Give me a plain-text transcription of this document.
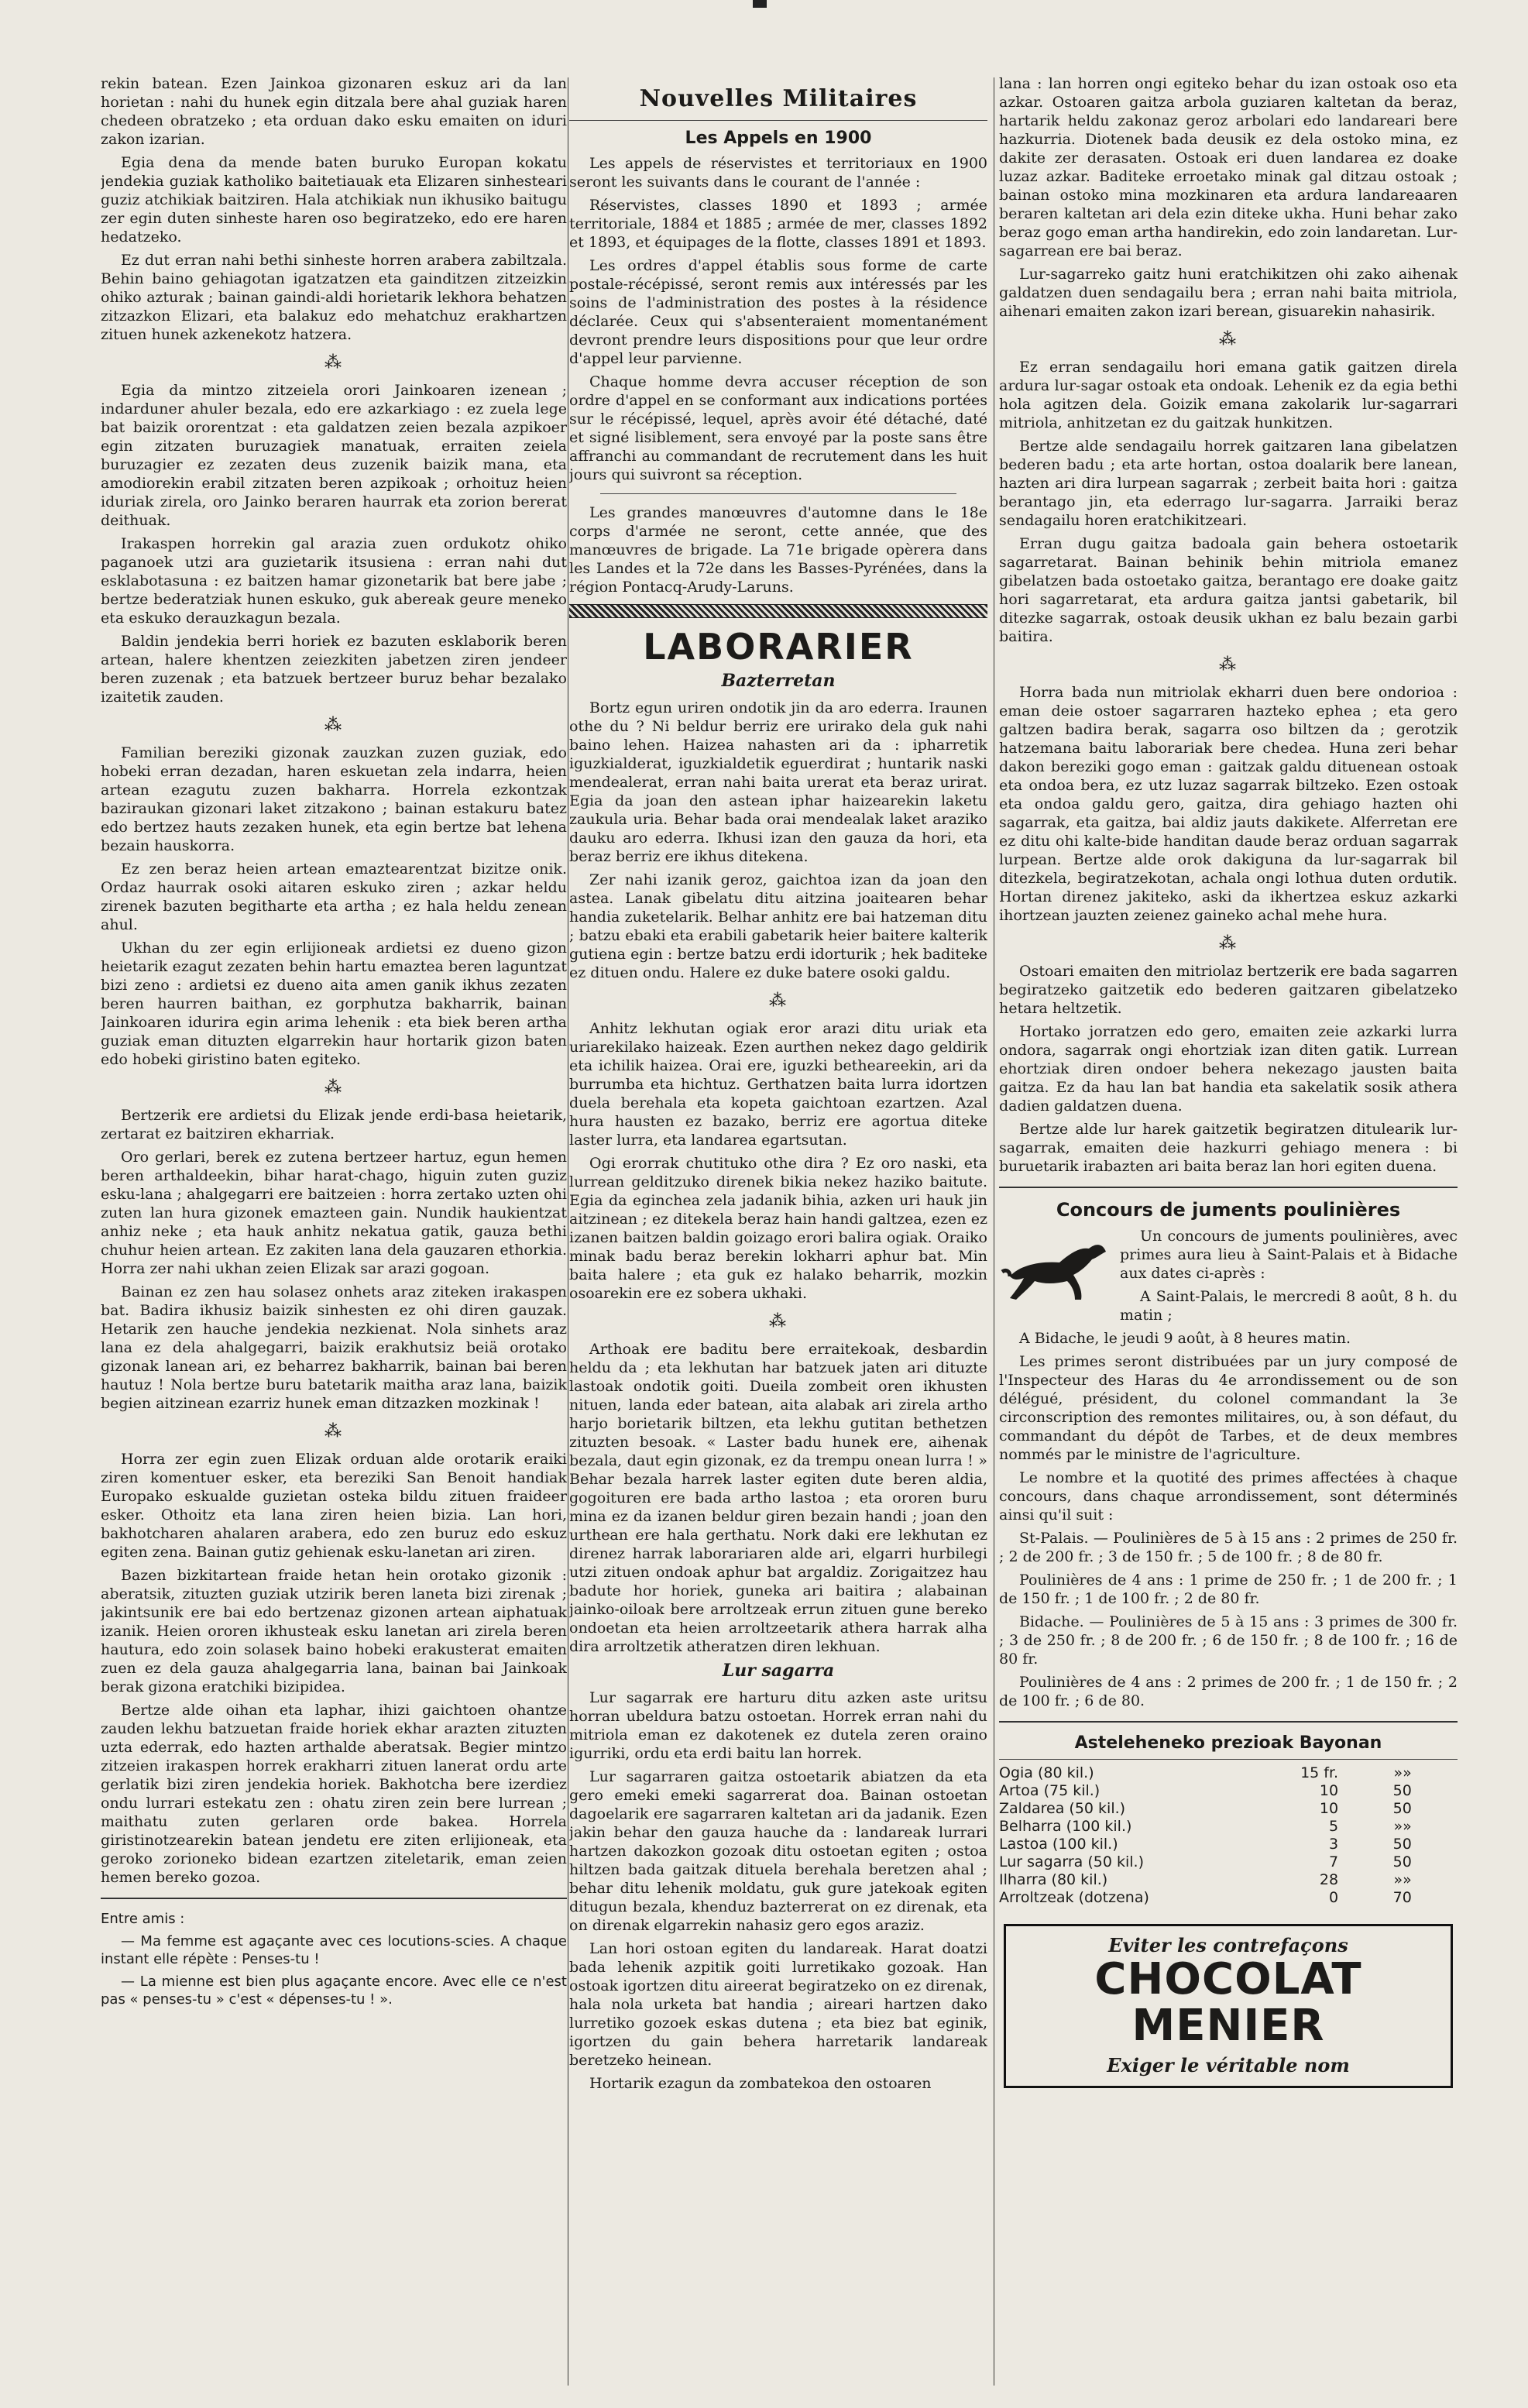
rekin batean. Ezen Jainkoa gizonaren eskuz ari da lan horietan : nahi du hunek egin ditzala bere ahal guziak haren chedeen obratzeko ; eta orduan dako esku emaiten on iduri zakon izarian.

Egia dena da mende baten buruko Europan kokatu jendekia guziak katholiko baitetiauak eta Elizaren sinhesteari guziz atchikiak baitziren. Hala atchikiak nun ikhusiko baitugu zer egin duten sinheste haren oso begiratzeko, edo ere haren hedatzeko.

Ez dut erran nahi bethi sinheste horren arabera zabiltzala. Behin baino gehiagotan igatzatzen eta gainditzen zitzeizkin ohiko azturak ; bainan gaindi-aldi horietarik lekhora behatzen zitzazkon Elizari, eta balakuz edo mehatchuz erakhartzen zituen hunek azkenekotz hatzera.

⁂

Egia da mintzo zitzeiela orori Jainkoaren izenean ; indarduner ahuler bezala, edo ere azkarkiago : ez zuela lege bat baizik ororentzat : eta galdatzen zeien bezala azpikoer egin zitzaten buruzagiek manatuak, erraiten zeiela buruzagier ez zezaten deus zuzenik baizik mana, eta amodiorekin erabil zitzaten beren azpikoak ; orhoituz heien iduriak zirela, oro Jainko beraren haurrak eta zorion bererat deithuak.

Irakaspen horrekin gal arazia zuen ordukotz ohiko paganoek utzi ara guzietarik itsusiena : erran nahi dut esklabotasuna : ez baitzen hamar gizonetarik bat bere jabe ; bertze bederatziak hunen eskuko, guk abereak geure meneko eta eskuko derauzkagun bezala.

Baldin jendekia berri horiek ez bazuten esklaborik beren artean, halere khentzen zeiezkiten jabetzen ziren jendeer beren zuzenak ; eta batzuek bertzeer buruz behar bezalako izaitetik zauden.

⁂

Familian bereziki gizonak zauzkan zuzen guziak, edo hobeki erran dezadan, haren eskuetan zela indarra, heien artean ezagutu zuzen bakharra. Horrela ezkontzak baziraukan gizonari laket zitzakono ; bainan estakuru batez edo bertzez hauts zezaken hunek, eta egin bertze bat lehena bezain hauskorra.

Ez zen beraz heien artean emaztearentzat bizitze onik. Ordaz haurrak osoki aitaren eskuko ziren ; azkar heldu zirenek bazuten begitharte eta artha ; ez hala heldu zenean ahul.

Ukhan du zer egin erlijioneak ardietsi ez dueno gizon heietarik ezagut zezaten behin hartu emaztea beren laguntzat bizi zeno : ardietsi ez dueno aita amen ganik ikhus zezaten beren haurren baithan, ez gorphutza bakharrik, bainan Jainkoaren idurira egin arima lehenik : eta biek beren artha guziak eman dituzten elgarrekin haur hortarik gizon baten edo hobeki giristino baten egiteko.

⁂

Bertzerik ere ardietsi du Elizak jende erdi-basa heietarik, zertarat ez baitziren ekharriak.

Oro gerlari, berek ez zutena bertzeer hartuz, egun hemen beren arthaldeekin, bihar harat-chago, higuin zuten guziz esku-lana ; ahalgegarri ere baitzeien : horra zertako uzten ohi zuten lan hura gizonek emazteen gain. Nundik haukientzat anhiz neke ; eta hauk anhitz nekatua gatik, gauza bethi chuhur heien artean. Ez zakiten lana dela gauzaren ethorkia. Horra zer nahi ukhan zeien Elizak sar arazi gogoan.

Bainan ez zen hau solasez onhets araz ziteken irakaspen bat. Badira ikhusiz baizik sinhesten ez ohi diren gauzak. Hetarik zen hauche jendekia nezkienat. Nola sinhets araz lana ez dela ahalgegarri, baizik erakhutsiz beiä orotako gizonak lanean ari, ez beharrez bakharrik, bainan bai beren hautuz ! Nola bertze buru batetarik maitha araz lana, baizik begien aitzinean ezarriz hunek eman ditzazken mozkinak !

⁂

Horra zer egin zuen Elizak orduan alde orotarik eraiki ziren komentuer esker, eta bereziki San Benoit handiak Europako eskualde guzietan osteka bildu zituen fraideer esker. Othoitz eta lana ziren heien bizia. Lan hori, bakhotcharen ahalaren arabera, edo zen buruz edo eskuz egiten zena. Bainan gutiz gehienak esku-lanetan ari ziren.

Bazen bizkitartean fraide hetan hein orotako gizonik : aberatsik, zituzten guziak utzirik beren laneta bizi zirenak ; jakintsunik ere bai edo bertzenaz gizonen artean aiphatuak izanik. Heien ororen ikhusteak esku lanetan ari zirela beren hautura, edo zoin solasek baino hobeki erakusterat emaiten zuen ez dela gauza ahalgegarria lana, bainan bai Jainkoak berak gizona eratchiki bizipidea.

Bertze alde oihan eta laphar, ihizi gaichtoen ohantze zauden lekhu batzuetan fraide horiek ekhar arazten zituzten uzta ederrak, edo hazten arthalde aberatsak. Begier mintzo zitzeien irakaspen horrek erakharri zituen lanerat ordu arte gerlatik bizi ziren jendekia horiek. Bakhotcha bere izerdiez ondu lurrari estekatu zen : ohatu ziren zein bere lurrean ; maithatu zuten gerlaren orde bakea. Horrela giristinotzearekin batean jendetu ere ziten erlijioneak, eta geroko zorioneko bidean ezartzen ziteletarik, eman zeien hemen bereko gozoa.

Entre amis :

— Ma femme est agaçante avec ces locutions-scies. A chaque instant elle répète : Penses-tu !

— La mienne est bien plus agaçante encore. Avec elle ce n'est pas « penses-tu » c'est « dépenses-tu ! ».

Nouvelles Militaires
Les Appels en 1900

Les appels de réservistes et territoriaux en 1900 seront les suivants dans le courant de l'année :

Réservistes, classes 1890 et 1893 ; armée territoriale, 1884 et 1885 ; armée de mer, classes 1892 et 1893, et équipages de la flotte, classes 1891 et 1893.

Les ordres d'appel établis sous forme de carte postale-récépissé, seront remis aux intéressés par les soins de l'administration des postes à la résidence déclarée. Ceux qui s'absenteraient momentanément devront prendre leurs dispositions pour que leur ordre d'appel leur parvienne.

Chaque homme devra accuser réception de son ordre d'appel en se conformant aux indications portées sur le récépissé, lequel, après avoir été détaché, daté et signé lisiblement, sera envoyé par la poste sans être affranchi au commandant de recrutement dans les huit jours qui suivront sa réception.

Les grandes manœuvres d'automne dans le 18e corps d'armée ne seront, cette année, que des manœuvres de brigade. La 71e brigade opèrera dans les Landes et la 72e dans les Basses-Pyrénées, dans la région Pontacq-Arudy-Laruns.

LABORARIER
Bazterretan

Bortz egun uriren ondotik jin da aro ederra. Iraunen othe du ? Ni beldur berriz ere urirako dela guk nahi baino lehen. Haizea nahasten ari da : ipharretik iguzkialderat, iguzkialdetik eguerdirat ; huntarik naski mendealerat, erran nahi baita urerat eta beraz urirat. Egia da joan den astean iphar haizearekin laketu zaukula uria. Behar bada orai mendealak laket araziko dauku aro ederra. Ikhusi izan den gauza da hori, eta beraz berriz ere ikhus ditekena.

Zer nahi izanik geroz, gaichtoa izan da joan den astea. Lanak gibelatu ditu aitzina joaitearen behar handia zuketelarik. Belhar anhitz ere bai hatzeman ditu ; batzu ebaki eta erabili gabetarik heier baitere kalterik gutiena egin : bertze batzu erdi idorturik ; hek baditeke ez dituen ondu. Halere ez duke batere osoki galdu.

⁂

Anhitz lekhutan ogiak eror arazi ditu uriak eta uriarekilako haizeak. Ezen aurthen nekez dago geldirik eta ichilik haizea. Orai ere, iguzki betheareekin, ari da burrumba eta hichtuz. Gerthatzen baita lurra idortzen duela berehala eta kopeta gaichtoan ezartzen. Azal hura hausten ez bazako, berriz ere agortua diteke laster lurra, eta landarea egartsutan.

Ogi erorrak chutituko othe dira ? Ez oro naski, eta lurrean gelditzuko direnek bikia nekez haziko baitute. Egia da eginchea zela jadanik bihia, azken uri hauk jin aitzinean ; ez ditekela beraz hain handi galtzea, ezen ez izanen baitzen baldin goizago erori balira ogiak. Oraiko minak badu beraz berekin lokharri aphur bat. Min baita halere ; eta guk ez halako beharrik, mozkin osoarekin ere ez sobera ukhaki.

⁂

Arthoak ere baditu bere erraitekoak, desbardin heldu da ; eta lekhutan har batzuek jaten ari dituzte lastoak ondotik goiti. Dueila zombeit oren ikhusten nituen, landa eder batean, aita alabak ari zirela artho harjo borietarik biltzen, eta lekhu gutitan bethetzen zituzten besoak. « Laster badu hunek ere, aihenak bezala, daut egin gizonak, ez da trempu onean lurra ! » Behar bezala harrek laster egiten dute beren aldia, gogoituren ere bada artho lastoa ; eta ororen buru mina ez da izanen beldur giren bezain handi ; joan den urthean ere hala gerthatu. Nork daki ere lekhutan ez direnez harrak laborariaren alde ari, elgarri hurbilegi utzi zituen ondoak aphur bat argaldiz. Zorigaitzez hau badute hor horiek, guneka ari baitira ; alabainan jainko-oiloak bere arroltzeak errun zituen gune bereko ondoetan eta heien arroltzeetarik athera harrak alha dira arroltzetik atheratzen diren lekhuan.

Lur sagarra

Lur sagarrak ere harturu ditu azken aste uritsu horran ubeldura batzu ostoetan. Horrek erran nahi du mitriola eman ez dakotenek ez dutela zeren oraino igurriki, ordu eta erdi baitu lan horrek.

Lur sagarraren gaitza ostoetarik abiatzen da eta gero emeki emeki sagarrerat doa. Bainan ostoetan dagoelarik ere sagarraren kaltetan ari da jadanik. Ezen jakin behar den gauza hauche da : landareak lurrari hartzen dakozkon gozoak ditu ostoetan egiten ; ostoa hiltzen bada gaitzak dituela berehala beretzen ahal ; behar ditu lehenik moldatu, guk gure jatekoak egiten ditugun bezala, khenduz bazterrerat on ez direnak, eta on direnak elgarrekin nahasiz gero egos araziz.

Lan hori ostoan egiten du landareak. Harat doatzi bada lehenik azpitik goiti lurretikako gozoak. Han ostoak igortzen ditu aireerat begiratzeko on ez direnak, hala nola urketa bat handia ; aireari hartzen dako lurretiko gozoek eskas dutena ; eta biez bat eginik, igortzen du gain behera harretarik landareak beretzeko heinean.

Hortarik ezagun da zombatekoa den ostoaren

lana : lan horren ongi egiteko behar du izan ostoak oso eta azkar. Ostoaren gaitza arbola guziaren kaltetan da beraz, hartarik heldu zakonaz geroz arbolari edo landareari bere hazkurria. Diotenek bada deusik ez dela ostoko mina, ez dakite zer derasaten. Ostoak eri duen landarea ez doake luzaz azkar. Baditeke erroetako minak gal ditzau ostoak ; bainan ostoko mina mozkinaren eta ardura landareaaren beraren kaltetan ari dela ezin diteke ukha. Huni behar zako beraz gogo eman artha handirekin, edo zoin landaretan. Lur-sagarrean ere bai beraz.

Lur-sagarreko gaitz huni eratchikitzen ohi zako aihenak galdatzen duen sendagailu bera ; erran nahi baita mitriola, aihenari emaiten zakon izari berean, gisuarekin nahasirik.

⁂

Ez erran sendagailu hori emana gatik gaitzen direla ardura lur-sagar ostoak eta ondoak. Lehenik ez da egia bethi hola agitzen dela. Goizik emana zakolarik lur-sagarrari mitriola, anhitzetan ez du gaitzak hunkitzen.

Bertze alde sendagailu horrek gaitzaren lana gibelatzen bederen badu ; eta arte hortan, ostoa doalarik bere lanean, hazten ari dira lurpean sagarrak ; zerbeit baita hori : gaitza berantago jin, eta ederrago lur-sagarra. Jarraiki beraz sendagailu horen eratchikitzeari.

Erran dugu gaitza badoala gain behera ostoetarik sagarretarat. Bainan behinik behin mitriola emanez gibelatzen bada ostoetako gaitza, berantago ere doake gaitz hori sagarretarat, eta ardura gaitza jantsi gabetarik, bil ditezke sagarrak, ostoak deusik ukhan ez balu bezain garbi baitira.

⁂

Horra bada nun mitriolak ekharri duen bere ondorioa : eman deie ostoer sagarraren hazteko ephea ; eta gero galtzen badira berak, sagarra oso biltzen da ; gerotzik hatzemana baitu laborariak bere chedea. Huna zeri behar dakon bereziki gogo eman : gaitzak galdu dituenean ostoak eta ondoa bera, ez utz luzaz sagarrak biltzeko. Ezen ostoak eta ondoa galdu gero, gaitza, dira gehiago hazten ohi sagarrak, eta gaitza, bai aldiz jauts dakikete. Alferretan ere ez ditu ohi kalte-bide handitan daude beraz orduan sagarrak lurpean. Bertze alde orok dakiguna da lur-sagarrak bil ditezkela, begiratzekotan, achala ongi lothua duten ordutik. Hortan direnez jakiteko, aski da ikhertzea eskuz azkarki ihortzean jauzten zeienez gaineko achal mehe hura.

⁂

Ostoari emaiten den mitriolaz bertzerik ere bada sagarren begiratzeko gaitzetik edo bederen gaitzaren gibelatzeko hetara heltzetik.

Hortako jorratzen edo gero, emaiten zeie azkarki lurra ondora, sagarrak ongi ehortziak izan diten gatik. Lurrean ehortziak diren ondoer behera nekezago jausten baita gaitza. Ez da hau lan bat handia eta sakelatik sosik athera dadien galdatzen duena.

Bertze alde lur harek gaitzetik begiratzen ditulearik lur-sagarrak, emaiten deie hazkurri gehiago menera : bi buruetarik irabazten ari baita beraz lan hori egiten duena.

Concours de juments poulinières

Un concours de juments poulinières, avec primes aura lieu à Saint-Palais et à Bidache aux dates ci-après :

A Saint-Palais, le mercredi 8 août, 8 h. du matin ;

A Bidache, le jeudi 9 août, à 8 heures matin.

Les primes seront distribuées par un jury composé de l'Inspecteur des Haras du 4e arrondissement ou de son délégué, président, du colonel commandant la 3e circonscription des remontes militaires, ou, à son défaut, du commandant du dépôt de Tarbes, et de deux membres nommés par le ministre de l'agriculture.

Le nombre et la quotité des primes affectées à chaque concours, dans chaque arrondissement, sont déterminés ainsi qu'il suit :

St-Palais. — Poulinières de 5 à 15 ans : 2 primes de 250 fr. ; 2 de 200 fr. ; 3 de 150 fr. ; 5 de 100 fr. ; 8 de 80 fr.

Poulinières de 4 ans : 1 prime de 250 fr. ; 1 de 200 fr. ; 1 de 150 fr. ; 1 de 100 fr. ; 2 de 80 fr.

Bidache. — Poulinières de 5 à 15 ans : 3 primes de 300 fr. ; 3 de 250 fr. ; 8 de 200 fr. ; 6 de 150 fr. ; 8 de 100 fr. ; 16 de 80 fr.

Poulinières de 4 ans : 2 primes de 200 fr. ; 1 de 150 fr. ; 2 de 100 fr. ; 6 de 80.

Asteleheneko prezioak Bayonan
Ogia (80 kil.)	15 fr.	»»	
Artoa (75 kil.)	10	50	
Zaldarea (50 kil.)	10	50	
Belharra (100 kil.)	5	»»	
Lastoa (100 kil.)	3	50	
Lur sagarra (50 kil.)	7	50	
Ilharra (80 kil.)	28	»»	
Arroltzeak (dotzena)	0	70	
Eviter les contrefaçons
CHOCOLAT
MENIER
Exiger le véritable nom
